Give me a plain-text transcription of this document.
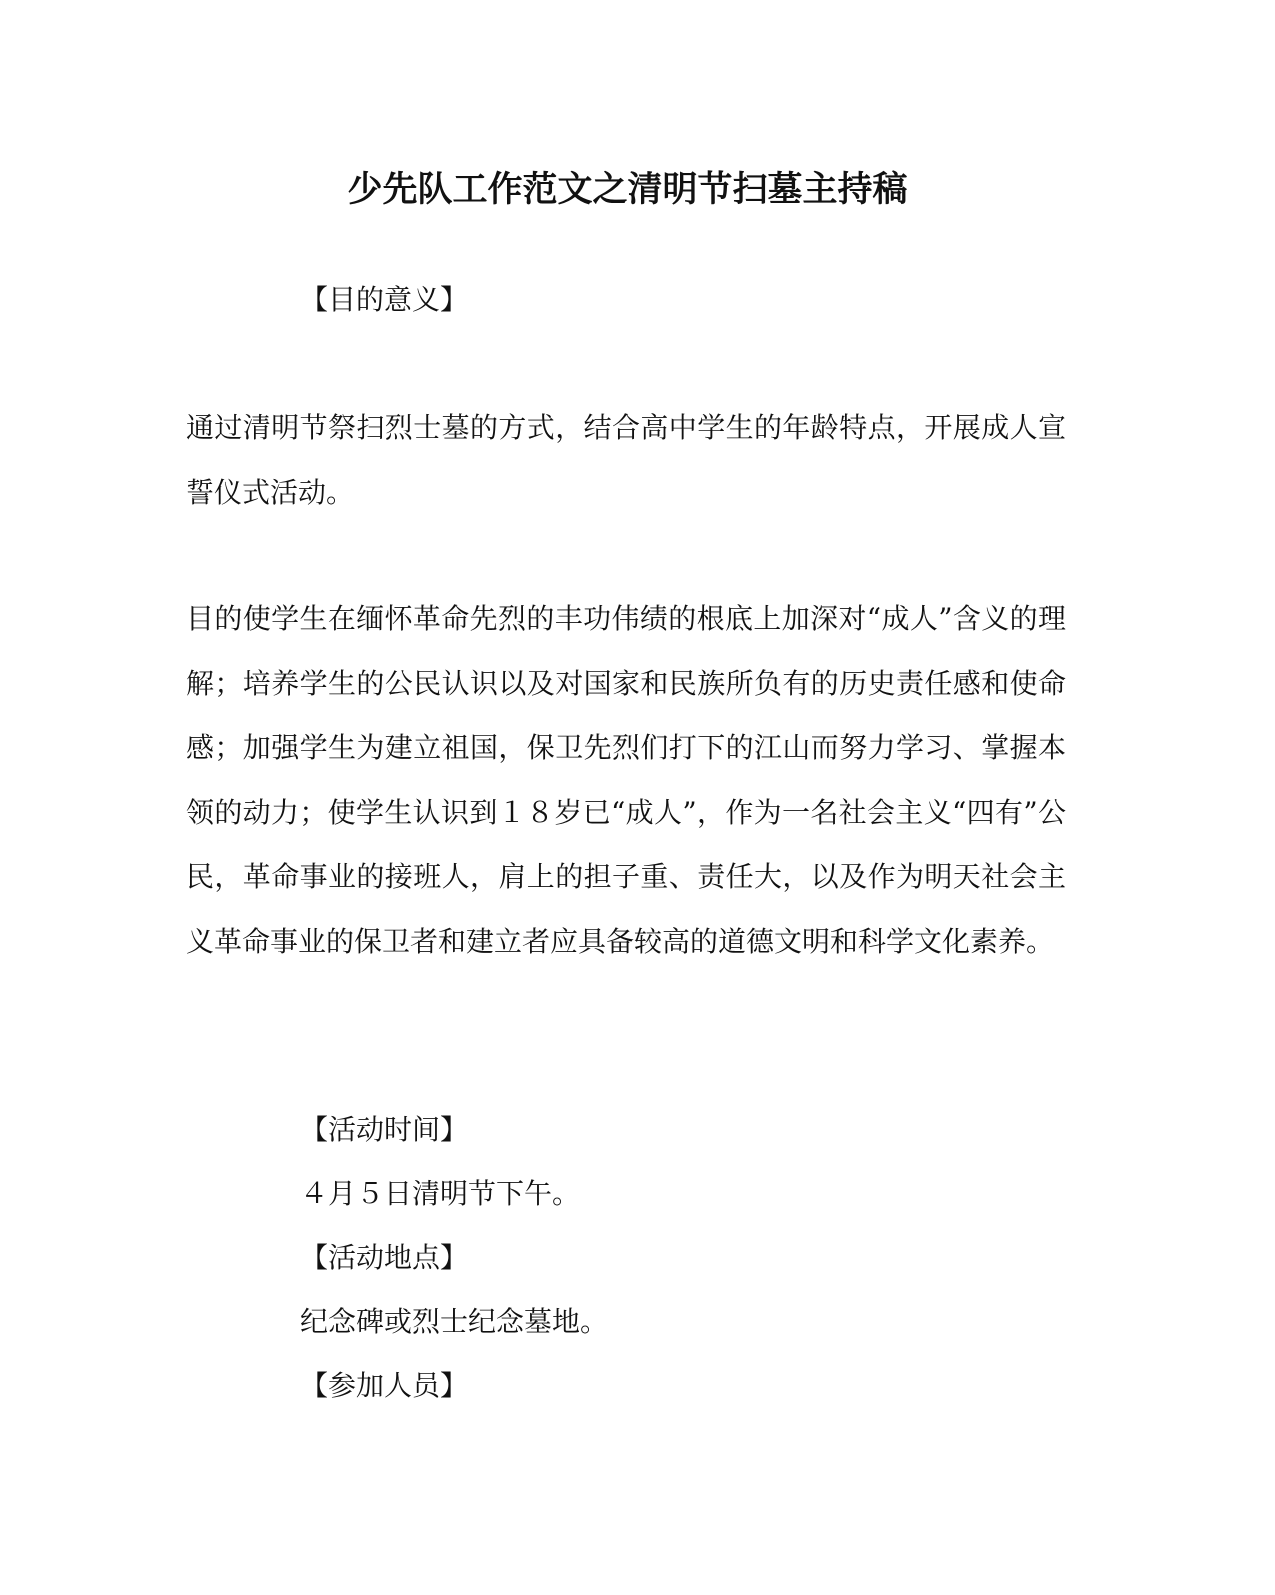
少先队工作范文之清明节扫墓主持稿

【目的意义】

通过清明节祭扫烈士墓的方式，结合高中学生的年龄特点，开展成人宣誓仪式活动。

目的使学生在缅怀革命先烈的丰功伟绩的根底上加深对“成人”含义的理解；培养学生的公民认识以及对国家和民族所负有的历史责任感和使命感；加强学生为建立祖国，保卫先烈们打下的江山而努力学习、掌握本领的动力；使学生认识到１８岁已“成人”，作为一名社会主义“四有”公民，革命事业的接班人，肩上的担子重、责任大，以及作为明天社会主义革命事业的保卫者和建立者应具备较高的道德文明和科学文化素养。

【活动时间】

４月５日清明节下午。

【活动地点】

纪念碑或烈士纪念墓地。

【参加人员】
